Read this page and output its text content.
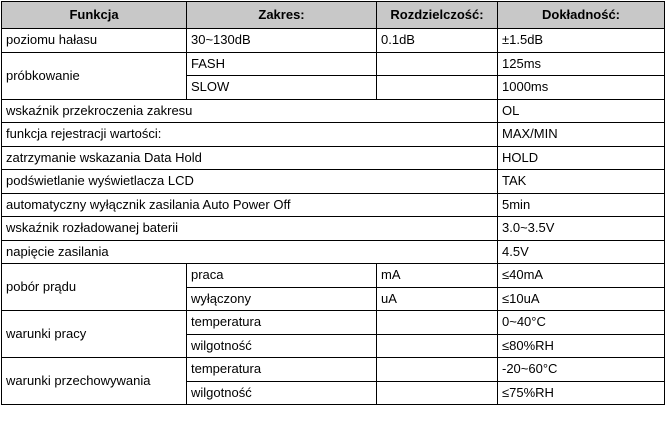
Funkcja	Zakres:	Rozdzielczość:	Dokładność:
poziomu hałasu	30~130dB	0.1dB	±1.5dB
próbkowanie	FASH		125ms
	SLOW		1000ms
wskaźnik przekroczenia zakresu			OL
funkcja rejestracji wartości:			MAX/MIN
zatrzymanie wskazania Data Hold			HOLD
podświetlanie wyświetlacza LCD			TAK
automatyczny wyłącznik zasilania Auto Power Off			5min
wskaźnik rozładowanej baterii			3.0~3.5V
napięcie zasilania			4.5V
pobór prądu	praca	mA	≤40mA
	wyłączony	uA	≤10uA
warunki pracy	temperatura		0~40°C
	wilgotność		≤80%RH
warunki przechowywania	temperatura		-20~60°C
	wilgotność		≤75%RH
